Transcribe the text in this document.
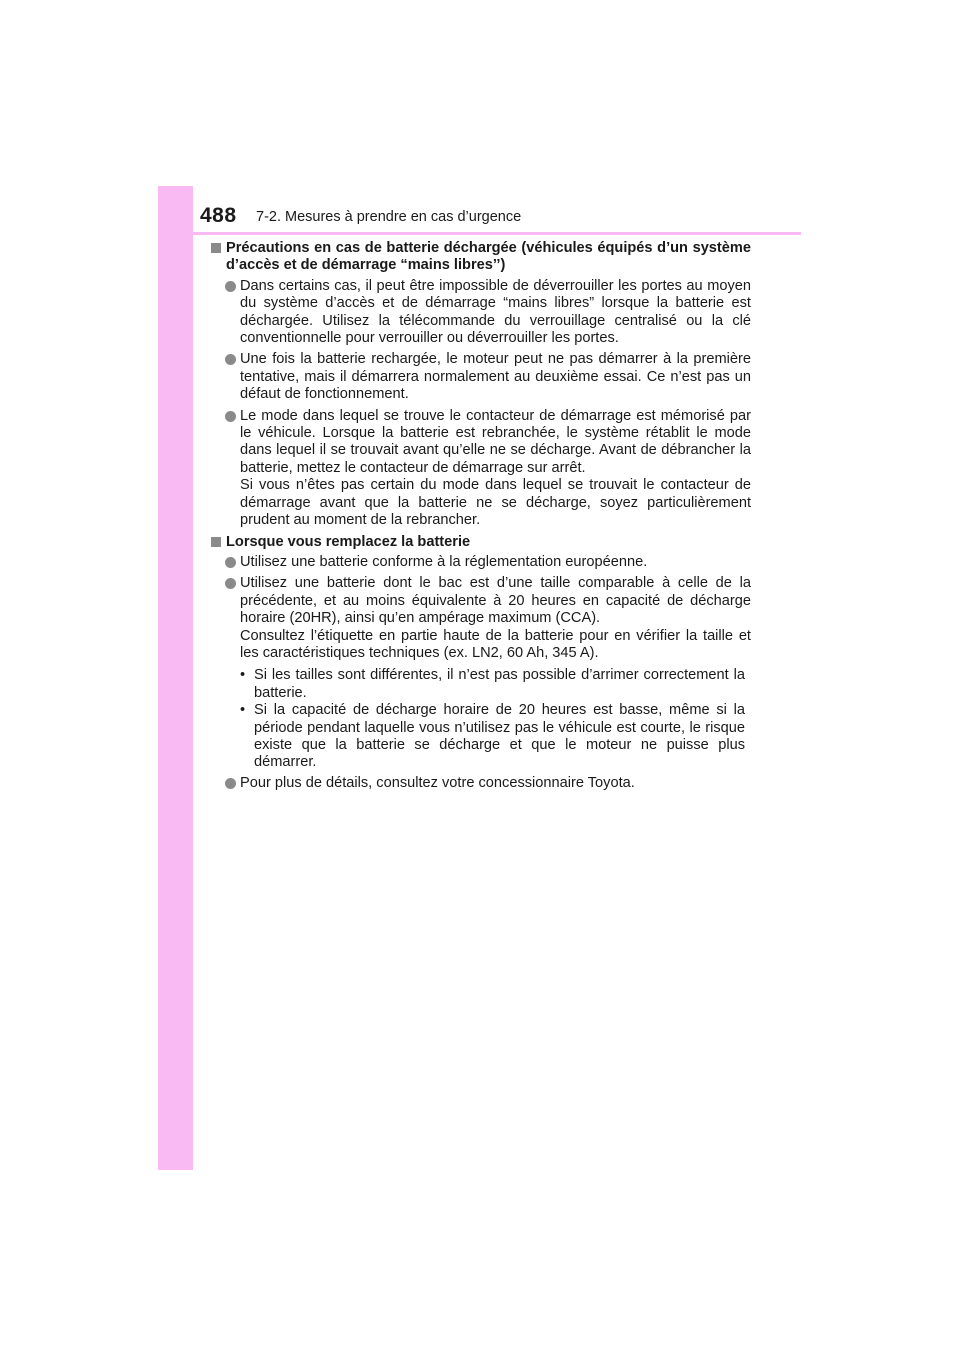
488 7-2. Mesures à prendre en cas d’urgence
Précautions en cas de batterie déchargée (véhicules équipés d’un système d’accès et de démarrage “mains libres’’)

Dans certains cas, il peut être impossible de déverrouiller les portes au moyen du système d’accès et de démarrage “mains libres” lorsque la batterie est déchargée. Utilisez la télécommande du verrouillage centralisé ou la clé conventionnelle pour verrouiller ou déverrouiller les portes.

Une fois la batterie rechargée, le moteur peut ne pas démarrer à la première tentative, mais il démarrera normalement au deuxième essai. Ce n’est pas un défaut de fonctionnement.

Le mode dans lequel se trouve le contacteur de démarrage est mémorisé par le véhicule. Lorsque la batterie est rebranchée, le système rétablit le mode dans lequel il se trouvait avant qu’elle ne se décharge. Avant de débrancher la batterie, mettez le contacteur de démarrage sur arrêt.

Si vous n’êtes pas certain du mode dans lequel se trouvait le contacteur de démarrage avant que la batterie ne se décharge, soyez particulièrement prudent au moment de la rebrancher.

Lorsque vous remplacez la batterie

Utilisez une batterie conforme à la réglementation européenne.

Utilisez une batterie dont le bac est d’une taille comparable à celle de la précédente, et au moins équivalente à 20 heures en capacité de décharge horaire (20HR), ainsi qu’en ampérage maximum (CCA).

Consultez l’étiquette en partie haute de la batterie pour en vérifier la taille et les caractéristiques techniques (ex. LN2, 60 Ah, 345 A).

• Si les tailles sont différentes, il n’est pas possible d’arrimer correctement la batterie.
• Si la capacité de décharge horaire de 20 heures est basse, même si la période pendant laquelle vous n’utilisez pas le véhicule est courte, le risque existe que la batterie se décharge et que le moteur ne puisse plus démarrer.

Pour plus de détails, consultez votre concessionnaire Toyota.
